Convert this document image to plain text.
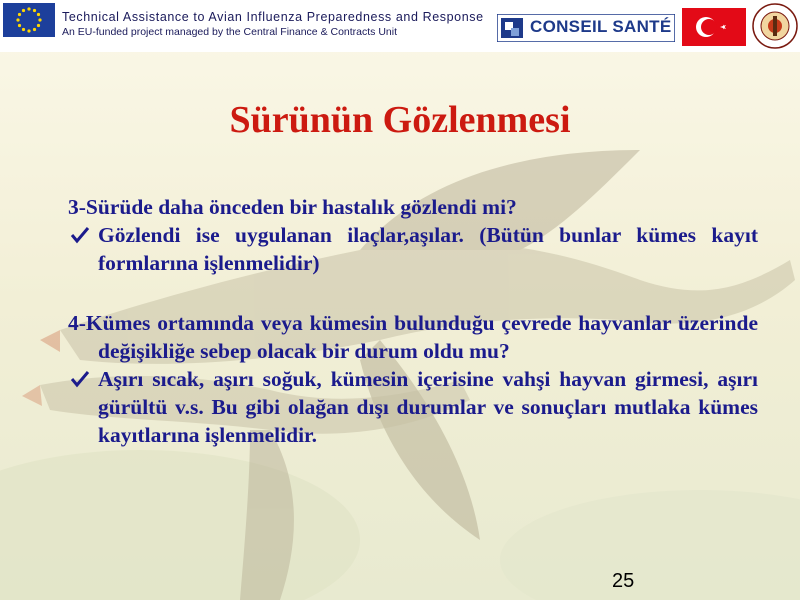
Technical Assistance to Avian Influenza Preparedness and Response
An EU-funded project managed by the Central Finance & Contracts Unit	CONSEIL SANTÉ
Sürünün Gözlenmesi

3-Sürüde daha önceden bir hastalık gözlendi mi?

Gözlendi ise uygulanan ilaçlar,aşılar. (Bütün bunlar kümes kayıt formlarına işlenmelidir)

4-Kümes ortamında veya kümesin bulunduğu çevrede hayvanlar üzerinde değişikliğe sebep olacak bir durum oldu mu?

Aşırı sıcak, aşırı soğuk, kümesin içerisine vahşi hayvan girmesi, aşırı gürültü v.s. Bu gibi olağan dışı durumlar ve sonuçları mutlaka kümes kayıtlarına işlenmelidir.

25
